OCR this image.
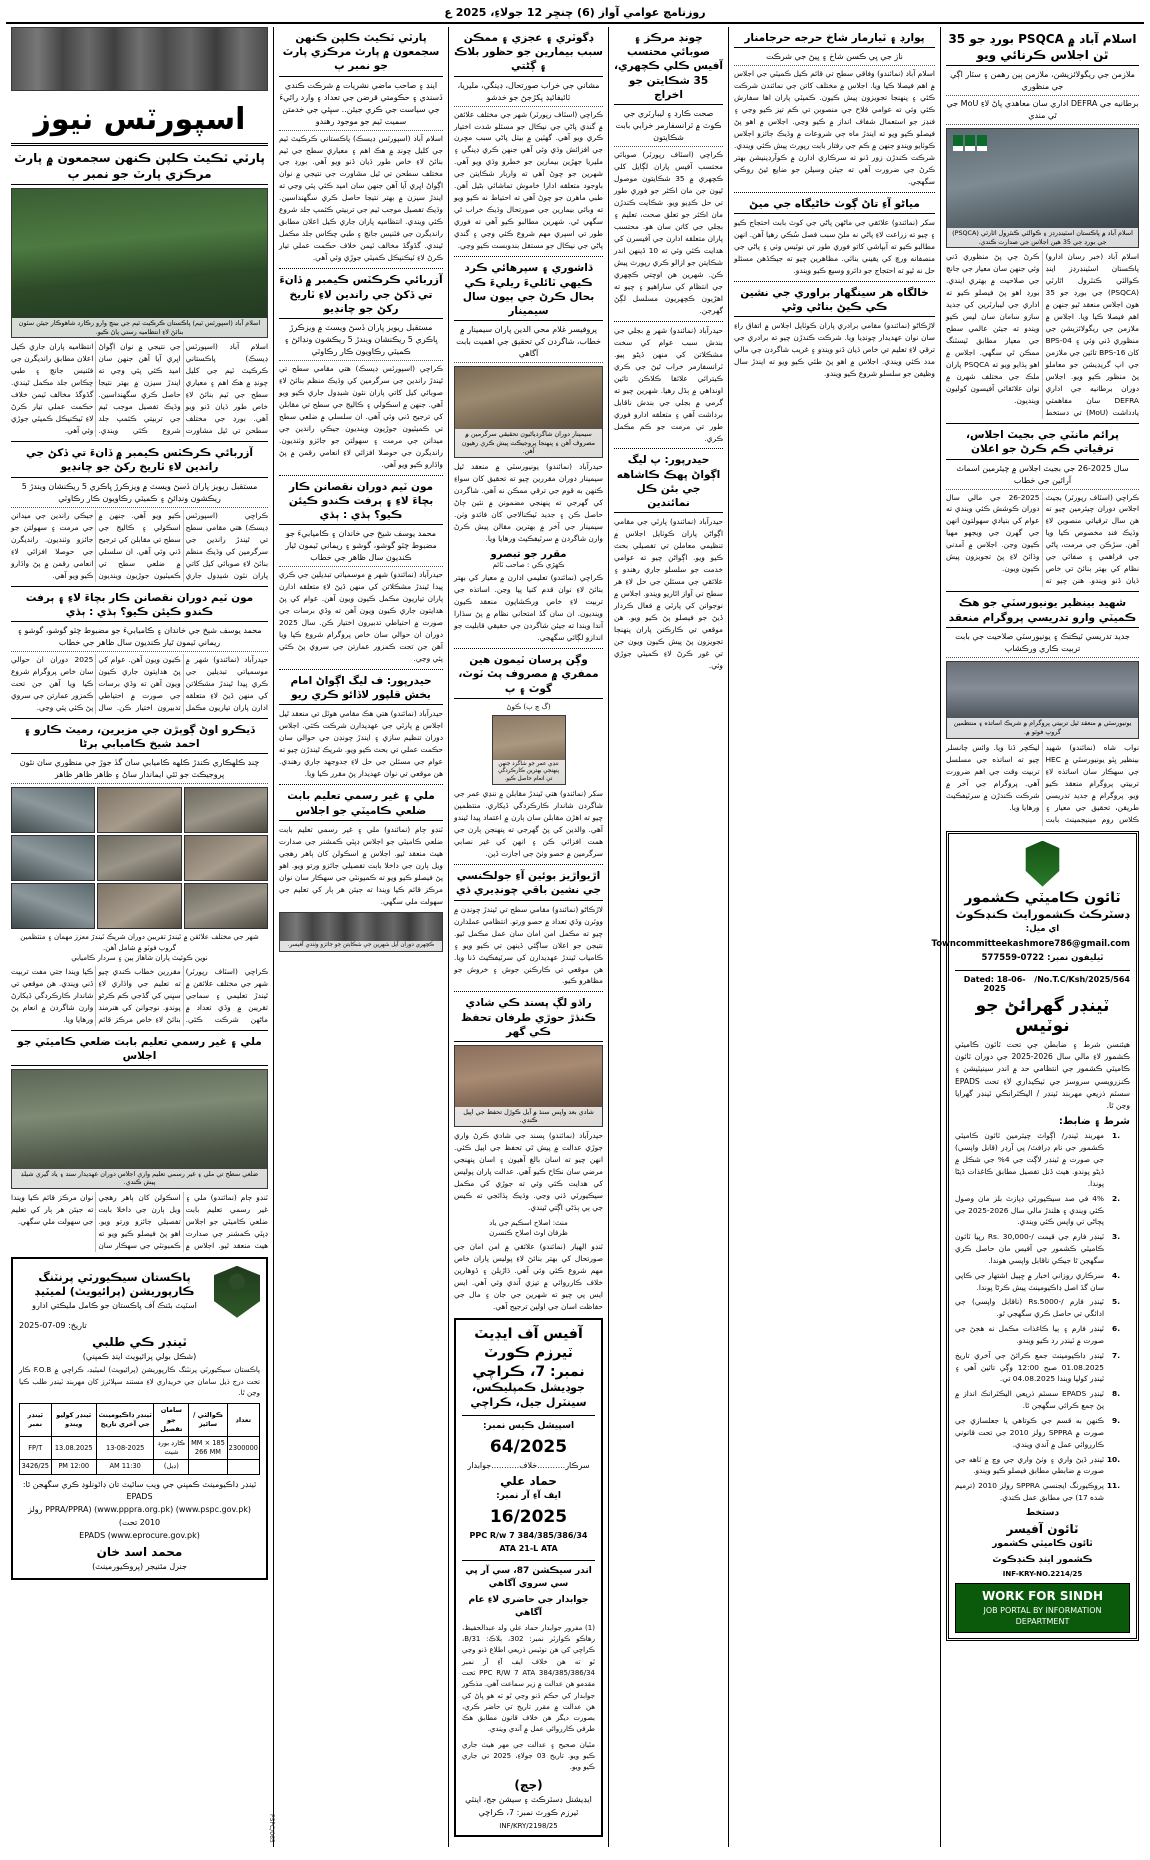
روزنامچ عوامي آواز (6) چنڇر 12 جولاءِ، 2025 ع
اسلام آباد ۾ PSQCA بورڊ جو 35 ٿن اجلاس ڪرنائي ويو
ملازمن جي ريگولائزيشن، ملازمن ٻين رهمن ۽ سٽار اڳي جي منظوري
برطانيه جي DEFRA اداري سان معاهدي پاڻ لاءِ MoU جي ٿي مندي
اسلام آباد ۾ پاڪستان اسٽينڊرڊز ۽ ڪوالٽي ڪنٽرول اٿارٽي (PSQCA) جي بورڊ جي 35 هين اجلاس جي صدارت ڪندي.
اسلام آباد (خبر رسان ادارو) پاڪستان اسٽينڊرڊز اينڊ ڪوالٽي ڪنٽرول اٿارٽي (PSQCA) جي بورڊ جو 35 هون اجلاس منعقد ٿيو جنهن ۾ اهم فيصلا ڪيا ويا. اجلاس ۾ ملازمن جي ريگولائزيشن جي منظوري ڏني وئي ۽ BPS-04 کان BPS-16 تائين جي ملازمن جي اپ گريڊيشن جو معاملو پڻ منظور ڪيو ويو. اجلاس دوران برطانيه جي اداري DEFRA سان مفاهمتي يادداشت (MoU) تي دستخط ڪرڻ جي پڻ منظوري ڏني وئي جنهن سان معيار جي جانچ جي صلاحيت ۾ بهتري ايندي. بورڊ اهو پڻ فيصلو ڪيو ته اداري جي ليبارٽرين کي جديد سازو سامان سان ليس ڪيو ويندو ته جيئن عالمي سطح جي معيار مطابق ٽيسٽنگ ممڪن ٿي سگهي. اجلاس ۾ اهو ٻڌايو ويو ته PSQCA پاران ملڪ جي مختلف شهرن ۾ نوان علائقائي آفيسون کوليون وينديون.
پرائم مانٽي جي بجيٽ اجلاس، ترقياتي ڪم ڪرڻ جو اعلان
سال 2025-26 جي بجيٽ اجلاس ۾ چيئرمين اسماٿ آرائين جي خطاب
ڪراچي (اسٽاف رپورٽر) بجيٽ اجلاس دوران چيئرمين چيو ته هن سال ترقياتي منصوبن لاءِ وڌيڪ فنڊ مخصوص ڪيا ويا آهن. سڙڪن جي مرمت، پاڻي جي فراهمي ۽ صفائي جي نظام کي بهتر بنائڻ تي خاص ڌيان ڏنو ويندو. هنن چيو ته 2025-26 جي مالي سال دوران ڪوشش ڪئي ويندي ته عوام کي بنيادي سهولتون انهن جي گهرن جي ويجهو مهيا ڪيون وڃن. اجلاس ۾ آمدني وڌائڻ لاءِ پڻ تجويزون پيش ڪيون ويون.
شهيد بينظير يونيورسٽي جو هڪ ڪميٽي وارو تدريسي پروگرام منعقد
جديد تدريسي ٽيڪنڪ ۽ يونيورسٽي صلاحيت جي بابت تربيت ڪاري ورڪشاپ
يونيورسٽي ۾ منعقد ٿيل تربيتي پروگرام ۾ شريڪ اساتذه ۽ منتظمين گروپ فوٽو ۾.
نواب شاه (نمائندو) شهيد بينظير ڀٽو يونيورسٽي ۾ HEC جي سهڪار سان اساتذه لاءِ تربيتي پروگرام منعقد ڪيو ويو. پروگرام ۾ جديد تدريسي طريقن، تحقيق جي معيار ۽ ڪلاس روم مينيجمينٽ بابت ليڪچر ڏنا ويا. وائس چانسلر چيو ته اساتذه جي مسلسل تربيت وقت جي اهم ضرورت آهي. پروگرام جي آخر ۾ شرڪت ڪندڙن ۾ سرٽيفڪيٽ ورهايا ويا.
ٽائون ڪاميٽي ڪشمور
ڊسٽرڪٽ ڪشمورايٽ ڪنڊڪوٽ
اي ميل: Towncommitteekashmore786@gmail.com
ٽيليفون نمبر: 0722-577559
No.T.C/Ksh/2025/564/
Dated: 18-06-2025
ٽينڊر گهرائڻ جو نوٽيس
هيئنسن شرط ۽ ضابطن جي تحت ٽائون ڪاميٽي ڪشمور لاءِ مالي سال 2026-2025 جي دوران ٽائون ڪاميٽي ڪشمور جي انتظامي حد ۾ اندر سينيٽيشن ۽ ڪنزرويسي سروسز جي ٺيڪيداري لاءِ تحت EPADS سسٽم ذريعي مهربند ٽينڊر / اليڪٽرانڪي ٽينڊر گهرايا وڃن ٿا.
شرط ۽ ضابط:
.1
مهربند ٽينڊر/ اڳواٽ چيئرمين ٽائون ڪاميٽي ڪشمور جي نام ڊرافٽ/ پي آرڊر (قابل واپسي) جي صورت ۾ ٽينڊر لاڳت جي 4% جي شڪل ۾ ڏيڻو پوندو. هيٺ ڏنل تفصيل مطابق ڪاغذات ڏيڻا پوندا.
.2
4% في صد سيڪيورٽي ڊپازٽ بلز مان وصول ڪئي ويندي ۽ هلندڙ مالي سال 2026-2025 جي پڄاڻي تي واپس ڪئي ويندي.
.3
ٽينڊر فارم جي قيمت /-Rs. 30,000 رپيا ٽائون ڪاميٽي ڪشمور جي آفيس مان حاصل ڪري سگهجن ٿا جيڪي ناقابل واپسي هوندا.
.4
سرڪاري روزاني اخبار ۾ ڇپيل اشتهار جي ڪاپي سان گڏ اصل ڊاڪيومينٽ پيش ڪرڻا پوندا.
.5
ٽينڊر فارم /-Rs.5000 (ناقابل واپسي) جي ادائگي تي حاصل ڪري سگهجي ٿو.
.6
ٽينڊر فارم ۽ ٻيا ڪاغذات مڪمل نه هجڻ جي صورت ۾ ٽينڊر رد ڪيو ويندو.
.7
ٽينڊر ڊاڪيومينٽ جمع ڪرائڻ جي آخري تاريخ 01.08.2025 صبح 12:00 وڳي تائين آهي ۽ ٽينڊر کوليا ويندا 04.08.2025 تي.
.8
ٽينڊر EPADS سسٽم ذريعي اليڪٽرانڪ انداز ۾ پڻ جمع ڪرائي سگهجن ٿا.
.9
ڪنهن به قسم جي ڪوتاهي يا جعلسازي جي صورت ۾ SPPRA رولز 2010 جي تحت قانوني ڪارروائي عمل ۾ آندي ويندي.
.10
ٽينڊر ڏيڻ واري ۽ وٺڻ واري جي وچ ۾ ٺاهه جي صورت ۾ ضابطي مطابق فيصلو ڪيو ويندو.
.11
پروڪيورنگ ايجنسي SPPRA رولز 2010 (ترميم شده 17) جي مطابق عمل ڪندي.
دستخط
ٽائون آفيسر
ٽائون ڪاميٽي ڪشمور
ڪشمور اينڊ ڪنڊڪوٽ
INF-KRY-NO.2214/25
WORK FOR SINDH
JOB PORTAL BY INFORMATION DEPARTMENT
پوارڊ ۽ ٽيارمار شاخ حرجه حرجامنار
ناز جي ڀي ڪسن شاخ ۽ ڀيڻ جي شرڪت
اسلام آباد (نمائندو) وفاقي سطح تي قائم ڪيل ڪميٽي جي اجلاس ۾ اهم فيصلا ڪيا ويا. اجلاس ۾ مختلف کاتن جي نمائندن شرڪت ڪئي ۽ پنهنجا تجويزون پيش ڪيون. ڪميٽي پاران اها سفارش ڪئي وئي ته عوامي فلاح جي منصوبن تي ڪم تيز ڪيو وڃي ۽ فنڊز جو استعمال شفاف انداز ۾ ڪيو وڃي. اجلاس ۾ اهو پڻ فيصلو ڪيو ويو ته ايندڙ ماه جي شروعات ۾ وڌيڪ جائزو اجلاس ڪوٺايو ويندو جنهن ۾ ڪم جي رفتار بابت رپورٽ پيش ڪئي ويندي. شرڪت ڪندڙن زور ڏنو ته سرڪاري ادارن ۾ ڪوآرڊينيشن بهتر ڪرڻ جي ضرورت آهي ته جيئن وسيلن جو ضايع ٿيڻ روڪي سگهجي.
مياڻو آءِ تاڻ ڳوٺ خاڻيگاه جي ميڻ
سکر (نمائندو) علائقي جي ماڻهن پاڻي جي کوٽ بابت احتجاج ڪيو ۽ چيو ته زراعت لاءِ پاڻي نه ملڻ سبب فصل سُڪي رهيا آهن. انهن مطالبو ڪيو ته آبپاشي کاتو فوري طور تي نوٽيس وٺي ۽ پاڻي جي منصفانه ورڇ کي يقيني بنائي. مظاهرين چيو ته جيڪڏهن مسئلو حل نه ٿيو ته احتجاج جو دائرو وسيع ڪيو ويندو.
خالگاه هر سينگهار براوري جي نشين ڪي ڪيڻ بناڻي وڻي
لاڙڪاڻو (نمائندو) مقامي برادري پاران ڪوٺايل اجلاس ۾ اتفاق راءِ سان نوان عهديدار چونڊيا ويا. شرڪت ڪندڙن چيو ته برادري جي ترقي لاءِ تعليم تي خاص ڌيان ڏنو ويندو ۽ غريب شاگردن جي مالي مدد ڪئي ويندي. اجلاس ۾ اهو پڻ طئي ڪيو ويو ته ايندڙ سال وظيفن جو سلسلو شروع ڪيو ويندو.
چونڊ مرڪز ۽ صوبائي محتسب آفيس ڪلي ڪچهري، 35 شڪايتن جو اخراج
صحت ڪارڊ ۽ ليبارٽري جي ڪوٽ ۾ ٽرانسفارمر خرابي بابت شڪايتون
ڪراچي (اسٽاف رپورٽر) صوبائي محتسب آفيس پاران لڳايل کلي ڪچهري ۾ 35 شڪايتون موصول ٿيون جن مان اڪثر جو فوري طور تي حل ڪڍيو ويو. شڪايت ڪندڙن مان اڪثر جو تعلق صحت، تعليم ۽ بجلي جي کاتن سان هو. محتسب پاران متعلقه ادارن جي آفيسرن کي هدايت ڪئي وئي ته 10 ڏينهن اندر شڪايتن جو ازالو ڪري رپورٽ پيش ڪن. شهرين هن اوچتي ڪچهري جي انتظام کي ساراهيو ۽ چيو ته اهڙيون ڪچهريون مسلسل لڳڻ گهرجن.
حيدرآباد (نمائندو) شهر ۾ بجلي جي بندش سبب عوام کي سخت مشڪلاتن کي منهن ڏيڻو پيو. ٽرانسفارمر خراب ٿيڻ جي ڪري ڪيترائي علائقا ڪلاڪن تائين اونداهي ۾ ٻڏل رهيا. شهرين چيو ته گرمي ۾ بجلي جي بندش ناقابل برداشت آهي ۽ متعلقه ادارو فوري طور تي مرمت جو ڪم مڪمل ڪري.
حيدرپور: پ ليگ اڳواڻ ڀهڪ ڪاشاهه جي بئن ڪل نمائندين
حيدرآباد (نمائندو) پارٽي جي مقامي اڳواڻن پاران ڪوٺايل اجلاس ۾ تنظيمي معاملن تي تفصيلي بحث ڪيو ويو. اڳواڻن چيو ته عوامي خدمت جو سلسلو جاري رهندو ۽ علائقي جي مسئلن جي حل لاءِ هر سطح تي آواز اٿاريو ويندو. اجلاس ۾ نوجوانن کي پارٽي ۾ فعال ڪردار ڏيڻ جو فيصلو پڻ ڪيو ويو. هن موقعي تي ڪارڪنن پاران پنهنجا تجويزون پڻ پيش ڪيون ويون جن تي غور ڪرڻ لاءِ ڪميٽي جوڙي وئي.
ڊگوٽري ۽ عجزي ۽ ممڪن سبب بيمارين جو حظور بلاڪ ۽ ڳڻتي
مشاني جي خراب صورتحال، ڊينگي، مليريا، ٽائيفائيڊ پکڙجڻ جو خدشو
ڪراچي (اسٽاف رپورٽر) شهر جي مختلف علائقن ۾ گندي پاڻي جي نيڪال جو مسئلو شدت اختيار ڪري ويو آهي. گهٽين ۾ بيٺل پاڻي سبب مڇرن جي افزائش وڌي وئي آهي جنهن ڪري ڊينگي ۽ مليريا جهڙين بيمارين جو خطرو وڌي ويو آهي. شهرين جو چوڻ آهي ته واربار شڪايتن جي باوجود متعلقه ادارا خاموش تماشائي بڻيل آهن. طبي ماهرن جو چوڻ آهي ته احتياط نه ڪيو ويو ته وبائي بيمارين جي صورتحال وڌيڪ خراب ٿي سگهي ٿي. شهرين مطالبو ڪيو آهي ته فوري طور تي اسپري مهم شروع ڪئي وڃي ۽ گندي پاڻي جي نيڪال جو مستقل بندوبست ڪيو وڃي.
ڌاشوري ۽ سپرهائي ڪرد ڪيهي ٽائليءَ ريليءَ ڪي بحال ڪرڻ جي ٻيون سال سيمينار
پروفيسر غلام محي الدين پاران سيمينار ۾ خطاب، شاگردن کي تحقيق جي اهميت بابت آگاهي
سيمينار دوران شاگردياڻيون تحقيقي سرگرمين ۾ مصروف آهن ۽ پنهنجا پروجيڪٽ پيش ڪري رهيون آهن.
حيدرآباد (نمائندو) يونيورسٽي ۾ منعقد ٿيل سيمينار دوران مقررين چيو ته تحقيق کان سواءِ ڪنهن به قوم جي ترقي ممڪن نه آهي. شاگردن کي گهرجي ته پنهنجي مضمونن ۾ نئين ڄاڻ حاصل ڪن ۽ جديد ٽيڪنالاجي کان فائدو وٺن. سيمينار جي آخر ۾ بهترين مقالن پيش ڪرڻ وارن شاگردن ۾ سرٽيفڪيٽ ورهايا ويا.
مقرر جو تبصرو
ڪهڙي ڪي : صاحب ٽائم
ڪراچي (نمائندو) تعليمي ادارن ۾ معيار کي بهتر بنائڻ لاءِ نوان قدم کنيا پيا وڃن. اساتذه جي تربيت لاءِ خاص ورڪشاپون منعقد ڪيون وينديون. ان سان گڏ امتحاني نظام ۾ پڻ سڌارا آندا ويندا ته جيئن شاگردن جي حقيقي قابليت جو اندازو لڳائي سگهجي.
وڳن پرسان ٽيمون هين ممفري ۾ مصروف پٿ ٽوٽ، گوٽ ۽ ٻ
(گ ڇ ٻ) ڪوڻ
ننڍي عمر جو شاگرد جنهن پنهنجي بهترين ڪارڪردگي تي انعام حاصل ڪيو.
سکر (نمائندو) هتي ٿيندڙ مقابلن ۾ ننڍي عمر جي شاگردن شاندار ڪارڪردگي ڏيکاري. منتظمين چيو ته اهڙن مقابلن سان ٻارن ۾ اعتماد پيدا ٿيندو آهي. والدين کي پڻ گهرجي ته پنهنجن ٻارن جي همت افزائي ڪن ۽ انهن کي غير نصابي سرگرمين ۾ حصو وٺڻ جي اجازت ڏين.
اڙيواڙيز بوئين آءِ جولڪنسي جي نشين باقي چونڊيري ڌي
لاڙڪاڻو (نمائندو) مقامي سطح تي ٿيندڙ چونڊن ۾ ووٽرن وڏي تعداد ۾ حصو ورتو. انتظامي عملدارن چيو ته مڪمل امن امان سان عمل مڪمل ٿيو. نتيجن جو اعلان ساڳئي ڏينهن تي ڪيو ويو ۽ ڪامياب ٿيندڙ عهديدارن کي سرٽيفڪيٽ ڏنا ويا. هن موقعي تي ڪارڪنن جوش ۽ خروش جو مظاهرو ڪيو.
راڌو لڳ پسند ڪي شادي ڪنڌڙ حوڙي طرفان تحفظ ڪي گهر
شادي بعد واپس سنڌ ۾ آيل ڪوڙل تحفظ جي اپيل ڪندي.
حيدرآباد (نمائندو) پسند جي شادي ڪرڻ واري جوڙي عدالت ۾ پيش ٿي تحفظ جي اپيل ڪئي. انهن چيو ته اسان بالغ آهيون ۽ اسان پنهنجي مرضي سان نڪاح ڪيو آهي. عدالت پاران پوليس کي هدايت ڪئي وئي ته جوڙي کي مڪمل سيڪيورٽي ڏني وڃي. وڌيڪ ٻڌائجي ته ڪيس جي ٻي ٻڌڻي اڳتي ٿيندي.
منٿ: اصلاح اسڪيم جي ياد
ظرفان اوٿ اصلاح ڪنسرن
ٽنڊو الهيار (نمائندو) علائقي ۾ امن امان جي صورتحال کي بهتر بنائڻ لاءِ پوليس پاران خاص مهم شروع ڪئي وئي آهي. ڌاڙيلن ۽ ڏوهارين خلاف ڪارروائي ۾ تيزي آندي وئي آهي. ايس ايس پي چيو ته شهرين جي جان ۽ مال جي حفاظت اسان جي اولين ترجيح آهي.
آفيس آف ايڊيٽ ٽيرزم ڪورٽ
نمبر: 7، ڪراچي
جوڊيشل ڪمپليڪس، سينٽرل جيل، ڪراچي
اسپيشل ڪيس نمبر:
64/2025
سرڪار...........خلاف...........جوابدار
حماد علي
ايف آءِ آر نمبر:
16/2025
384/385/386/34 PPC R/w 7 ATA 21-L ATA
اندر سيڪشن 87، سي آر پي سي سروي آگاهي
جوابدار جي حاضري لاءِ عام آگاهي
(1) مفرور جوابدار حماد علي ولد عبدالحفيظ، رهاڪو ڪوارٽر نمبر: 302، بلاڪ: 31/B، ڪراچي کي هن نوٽيس ذريعي اطلاع ڏنو وڃي ٿو ته هن خلاف ايف آءِ آر نمبر 384/385/386/34 PPC R/W 7 ATA تحت مقدمو هن عدالت ۾ زير سماعت آهي. مذڪور جوابدار کي حڪم ڏنو وڃي ٿو ته هو پاڻ کي هن عدالت ۾ مقرر تاريخ تي حاضر ڪري، بصورت ديگر هن خلاف قانون مطابق هڪ طرفي ڪارروائي عمل ۾ آندي ويندي.
مٿيان صحيح ۽ عدالت جي مهر هيٺ جاري ڪيو ويو. تاريخ 03 جولاءِ، 2025 تي جاري ڪيو ويو.
(جڄ)
ايڊيشنل ڊسٽرڪٽ ۽ سيشن جج، اينٽي ٽيرزم ڪورٽ نمبر: 7، ڪراچي
INF/KRY/2198/25
پارٽي ٽڪيٽ ڪلپن ڪنهن سجمعون ۾ پارٽ مرڪزي پارٽ جو نمبر ٻ
اينڊ ۽ صاحب ماضي نشريات ۾ شرڪت ڪندي ڏسندي ۽ حڪومتي قرضن جي تعداد ۽ وارد رائيءَ جي سياست جي ڪري جيئن.. سڀئي جي خدمتن سميت ٽيم جو موجود رهندو
اسلام آباد (اسپورٽس ڊيسڪ) پاڪستاني ڪرڪيٽ ٽيم جي کليل چونڊ ۾ هڪ اهم ۽ معياري سطح جي ٽيم بنائڻ لاءِ خاص طور ڌيان ڏنو ويو آهي. بورڊ جي مختلف سطحن تي ٿيل مشاورت جي نتيجي ۾ نوان اڳواڻ اڀري آيا آهن جنهن سان اميد ڪئي پئي وڃي ته ايندڙ سيزن ۾ بهتر نتيجا حاصل ڪري سگهنداسين. وڌيڪ تفصيل موجب ٽيم جي تربيتي ڪئمپ جلد شروع ڪئي ويندي. انتظاميه پاران جاري ڪيل اعلان مطابق رانديگرن جي فٽنيس جانچ ۽ طبي چڪاس جلد مڪمل ٿيندي. گڏوگڏ مخالف ٽيمن خلاف حڪمت عملي تيار ڪرڻ لاءِ ٽيڪنيڪل ڪميٽي جوڙي وئي آهي.
آزربائي ڪرڪٽس ڪيمبر ۾ ڏانءَ تي ڏکڻ جي راندين لاءِ ٽاريخ رکڻ جو چانڊيو
مستقبل ريويز پاران ڏسڻ ويسٽ ۾ ويزڪرڙ ڀاڪري 5 ريڪنشان ويندڙ 5 ريڪشون ونڊائڻ ۽ ڪميٽي رڪاويون ڪار رڪاوٽي
ڪراچي (اسپورٽس ڊيسڪ) هتي مقامي سطح تي ٿيندڙ راندين جي سرگرمين کي وڌيڪ منظم بنائڻ لاءِ صوبائي کيل کاتي پاران نئون شيڊول جاري ڪيو ويو آهي. جنهن ۾ اسڪولي ۽ ڪاليج جي سطح تي مقابلن کي ترجيح ڏني وئي آهي. ان سلسلي ۾ ضلعي سطح تي ڪميٽيون جوڙيون وينديون جيڪي راندين جي ميدانن جي مرمت ۽ سهولتن جو جائزو وٺنديون. رانديگرن جي حوصلا افزائي لاءِ انعامي رقمن ۾ پڻ واڌارو ڪيو ويو آهي.
مون ٽيم دوران نقصانن ڪار بچاءَ لاءِ ۽ ٻرفت ڪندو ڪيئن ڪيو؟ ٻڌي : ٻڌي
محمد يوسف شيخ جي خاندان ۽ ڪاميابيءَ جو مضبوط چٽو گوشو، گوشو ۽ ريماني ٽيمون ٿيار ڪنديون سال ظاهر جي خطاب
حيدرآباد (نمائندو) شهر ۾ موسمياتي تبديلين جي ڪري پيدا ٿيندڙ مشڪلاتن کي منهن ڏيڻ لاءِ متعلقه ادارن پاران تياريون مڪمل ڪيون ويون آهن. عوام کي پڻ هدايتون جاري ڪيون ويون آهن ته وڏي برسات جي صورت ۾ احتياطي تدبيرون اختيار ڪن. سال 2025 دوران ان حوالي سان خاص پروگرام شروع ڪيا ويا آهن جن تحت ڪمزور عمارتن جي سروي پڻ ڪئي پئي وڃي.
حيدرپور: ف ليگ اڳواڻ امام بخش قلپور لاڏائو ڪري ريو
حيدرآباد (نمائندو) هتي هڪ مقامي هوٽل تي منعقد ٿيل اجلاس ۾ پارٽي جي عهديدارن شرڪت ڪئي. اجلاس دوران تنظيم سازي ۽ ايندڙ چونڊن جي حوالي سان حڪمت عملي تي بحث ڪيو ويو. شريڪ ٿيندڙن چيو ته عوام جي مسئلن جي حل لاءِ جدوجهد جاري رهندي. هن موقعي تي نوان عهديدار پڻ مقرر ڪيا ويا.
ملي ۽ غير رسمي تعليم بابت ضلعي ڪاميٽي جو اجلاس
ٽنڊو ڄام (نمائندو) ملي ۽ غير رسمي تعليم بابت ضلعي ڪاميٽي جو اجلاس ڊپٽي ڪمشنر جي صدارت هيٺ منعقد ٿيو. اجلاس ۾ اسڪولن کان ٻاهر رهجي ويل ٻارن جي داخلا بابت تفصيلي جائزو ورتو ويو. اهو پڻ فيصلو ڪيو ويو ته ڪميونٽي جي سهڪار سان نوان مرڪز قائم ڪيا ويندا ته جيئن هر ٻار کي تعليم جي سهولت ملي سگهي.
ڪچهري دوران آيل شهرين جي شڪايتن جو جائزو وٺندي آفيسر.
اسپورٽس نيوز
پارٽي ٽڪيٽ ڪلپن ڪنهن سجمعون ۾ پارٽ مرڪزي پارٽ جو نمبر ٻ
اسلام آباد (اسپورٽس ٽيم) پاڪستان ڪرڪيٽ ٽيم جي بينچ وارو رڪارڊ شاهوڪار جيئن سٽون بنائڻ لاءِ انتظاميه رستي پاڻ ڪيو.
اسلام آباد (اسپورٽس ڊيسڪ) پاڪستاني ڪرڪيٽ ٽيم جي کليل چونڊ ۾ هڪ اهم ۽ معياري سطح جي ٽيم بنائڻ لاءِ خاص طور ڌيان ڏنو ويو آهي. بورڊ جي مختلف سطحن تي ٿيل مشاورت جي نتيجي ۾ نوان اڳواڻ اڀري آيا آهن جنهن سان اميد ڪئي پئي وڃي ته ايندڙ سيزن ۾ بهتر نتيجا حاصل ڪري سگهنداسين. وڌيڪ تفصيل موجب ٽيم جي تربيتي ڪئمپ جلد شروع ڪئي ويندي. انتظاميه پاران جاري ڪيل اعلان مطابق رانديگرن جي فٽنيس جانچ ۽ طبي چڪاس جلد مڪمل ٿيندي. گڏوگڏ مخالف ٽيمن خلاف حڪمت عملي تيار ڪرڻ لاءِ ٽيڪنيڪل ڪميٽي جوڙي وئي آهي.
آزربائي ڪرڪٽس ڪيمبر ۾ ڏانءَ تي ڏکڻ جي راندين لاءِ ٽاريخ رکڻ جو چانڊيو
مستقبل ريويز پاران ڏسڻ ويسٽ ۾ ويزڪرڙ ڀاڪري 5 ريڪنشان ويندڙ 5 ريڪشون ونڊائڻ ۽ ڪميٽي رڪاويون ڪار رڪاوٽي
ڪراچي (اسپورٽس ڊيسڪ) هتي مقامي سطح تي ٿيندڙ راندين جي سرگرمين کي وڌيڪ منظم بنائڻ لاءِ صوبائي کيل کاتي پاران نئون شيڊول جاري ڪيو ويو آهي. جنهن ۾ اسڪولي ۽ ڪاليج جي سطح تي مقابلن کي ترجيح ڏني وئي آهي. ان سلسلي ۾ ضلعي سطح تي ڪميٽيون جوڙيون وينديون جيڪي راندين جي ميدانن جي مرمت ۽ سهولتن جو جائزو وٺنديون. رانديگرن جي حوصلا افزائي لاءِ انعامي رقمن ۾ پڻ واڌارو ڪيو ويو آهي.
مون ٽيم دوران نقصانن ڪار بچاءَ لاءِ ۽ ٻرفت ڪندو ڪيئن ڪيو؟ ٻڌي : ٻڌي
محمد يوسف شيخ جي خاندان ۽ ڪاميابيءَ جو مضبوط چٽو گوشو، گوشو ۽ ريماني ٽيمون ٿيار ڪنديون سال ظاهر جي خطاب
حيدرآباد (نمائندو) شهر ۾ موسمياتي تبديلين جي ڪري پيدا ٿيندڙ مشڪلاتن کي منهن ڏيڻ لاءِ متعلقه ادارن پاران تياريون مڪمل ڪيون ويون آهن. عوام کي پڻ هدايتون جاري ڪيون ويون آهن ته وڏي برسات جي صورت ۾ احتياطي تدبيرون اختيار ڪن. سال 2025 دوران ان حوالي سان خاص پروگرام شروع ڪيا ويا آهن جن تحت ڪمزور عمارتن جي سروي پڻ ڪئي پئي وڃي.
ڏيڪرو اوڻ ڳوٻڙن جي مزيرين، رميٽ ڪارو ۽ احمد شيخ ڪاميابي ٻرڻا
چنڊ ڪلهڪاري ڪندڙ ڪلهه ڪاميابي سان گڏ جوڙ جي منظوري سان نئون پروجيڪٽ جو ٽئي ايماندار ساڻ ۽ ظاهر ظاهر ظاهر
شهر جي مختلف علائقن ۾ ٿيندڙ تقريبن دوران شريڪ ٿيندڙ معزز مهمان ۽ منتظمين گروپ فوٽو ۾ شامل آهن.
نوين ڪوئيٽ پاران شاهاز ٻين ۽ سردار ڪاميابي
ڪراچي (اسٽاف رپورٽر) شهر جي مختلف علائقن ۾ ٿيندڙ تعليمي ۽ سماجي تقريبن ۾ وڏي تعداد ۾ ماڻهن شرڪت ڪئي. مقررين خطاب ڪندي چيو ته تعليم جي واڌاري لاءِ سڀني کي گڏجي ڪم ڪرڻو پوندو. نوجوانن کي هنرمند بنائڻ لاءِ خاص مرڪز قائم ڪيا ويندا جتي مفت تربيت ڏني ويندي. هن موقعي تي شاندار ڪارڪردگي ڏيکارڻ وارن شاگردن ۾ انعام پڻ ورهايا ويا.
ملي ۽ غير رسمي تعليم بابت ضلعي ڪاميٽي جو اجلاس
ضلعي سطح تي ملي ۽ غير رسمي تعليم واري اجلاس دوران عهديدار سند ۽ ياد گيري شيلڊ پيش ڪندي.
ٽنڊو ڄام (نمائندو) ملي ۽ غير رسمي تعليم بابت ضلعي ڪاميٽي جو اجلاس ڊپٽي ڪمشنر جي صدارت هيٺ منعقد ٿيو. اجلاس ۾ اسڪولن کان ٻاهر رهجي ويل ٻارن جي داخلا بابت تفصيلي جائزو ورتو ويو. اهو پڻ فيصلو ڪيو ويو ته ڪميونٽي جي سهڪار سان نوان مرڪز قائم ڪيا ويندا ته جيئن هر ٻار کي تعليم جي سهولت ملي سگهي.
پاڪستان سيڪيورٽي پرنٽنگ ڪارپوريشن (پرائيويٽ) لميٽيڊ
اسٽيٽ بئنڪ آف پاڪستان جو ڪامل مليڪتي ادارو
تاريخ: 09-07-2025
ٽينڊر ڪي طلبي
(شڪل بولي پرائيويٽ اينڊ ڪمپني)
پاڪستان سيڪيورٽي پرنٽنگ ڪارپوريشن (پرائيويٽ) لميٽيڊ، ڪراچي ۾ F.O.B ڪار تحت درج ذيل سامان جي خريداري لاءِ مستند سپلائرز کان مهربند ٽينڊر طلب ڪيا وڃن ٿا.
تعداد	ڪوالٽي / سائيز	سامان جو تفصيل	ٽينڊر ڊاڪيومينٽ جي آخري تاريخ	ٽينڊر کوليو ويندو	ٽينڊر نمبر
2300000	185 MM × 266 MM	ڪارڊ بورڊ شيٽ	13-08-2025	13.08.2025	FP/T
		(ڊبل)	11:30 AM	12:00 PM	3426/25
ٽينڊر ڊاڪيومينٽ ڪمپني جي ويب سائيٽ تان ڊائونلوڊ ڪري سگهجن ٿا: EPADS
(www.pspc.gov.pk) (www.pppra.org.pk) (PPRA/PPRA رولز 2010 تحت)
(www.eprocure.gov.pk) EPADS
محمد اسد خان
جنرل مئنيجر (پروڪيورمينٽ)
PSPC/065
